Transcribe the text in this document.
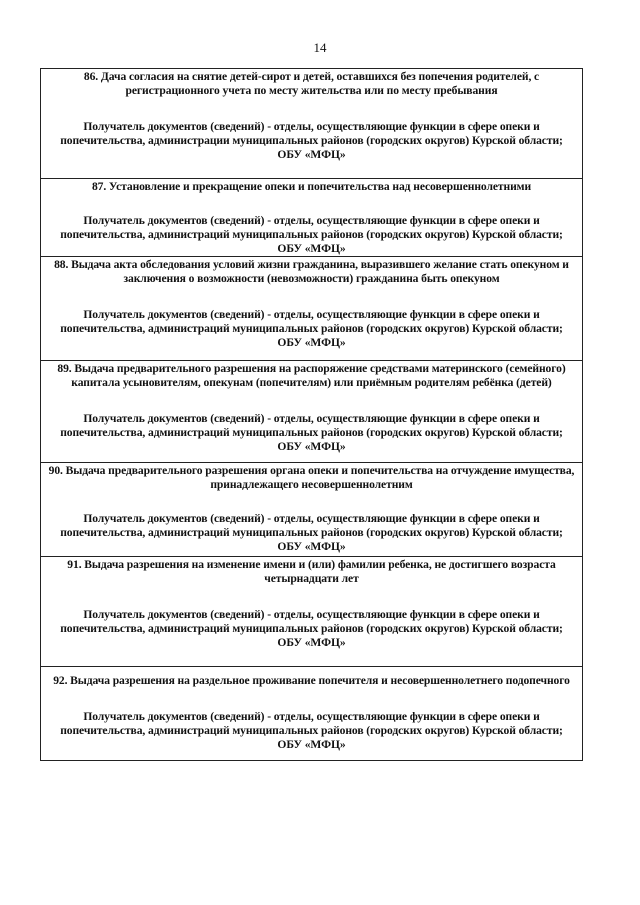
14
86. Дача согласия на снятие детей-сирот и детей, оставшихся без попечения родителей, с регистрационного учета по месту жительства или по месту пребывания
Получатель документов (сведений) - отделы, осуществляющие функции в сфере опеки и попечительства, администрации муниципальных районов (городских округов) Курской области; ОБУ «МФЦ»
87. Установление и прекращение опеки и попечительства над несовершеннолетними
Получатель документов (сведений) - отделы, осуществляющие функции в сфере опеки и попечительства, администраций муниципальных районов (городских округов) Курской области; ОБУ «МФЦ»
88. Выдача акта обследования условий жизни гражданина, выразившего желание стать опекуном и заключения о возможности (невозможности) гражданина быть опекуном
Получатель документов (сведений) - отделы, осуществляющие функции в сфере опеки и попечительства, администраций муниципальных районов (городских округов) Курской области; ОБУ «МФЦ»
89. Выдача предварительного разрешения на распоряжение средствами материнского (семейного) капитала усыновителям, опекунам (попечителям) или приёмным родителям ребёнка (детей)
Получатель документов (сведений) - отделы, осуществляющие функции в сфере опеки и попечительства, администраций муниципальных районов (городских округов) Курской области; ОБУ «МФЦ»
90. Выдача предварительного разрешения органа опеки и попечительства на отчуждение имущества, принадлежащего несовершеннолетним
Получатель документов (сведений) - отделы, осуществляющие функции в сфере опеки и попечительства, администраций муниципальных районов (городских округов) Курской области; ОБУ «МФЦ»
91. Выдача разрешения на изменение имени и (или) фамилии ребенка, не достигшего возраста четырнадцати лет
Получатель документов (сведений) - отделы, осуществляющие функции в сфере опеки и попечительства, администраций муниципальных районов (городских округов) Курской области; ОБУ «МФЦ»
92. Выдача разрешения на раздельное проживание попечителя и несовершеннолетнего подопечного
Получатель документов (сведений) - отделы, осуществляющие функции в сфере опеки и попечительства, администраций муниципальных районов (городских округов) Курской области; ОБУ «МФЦ»
